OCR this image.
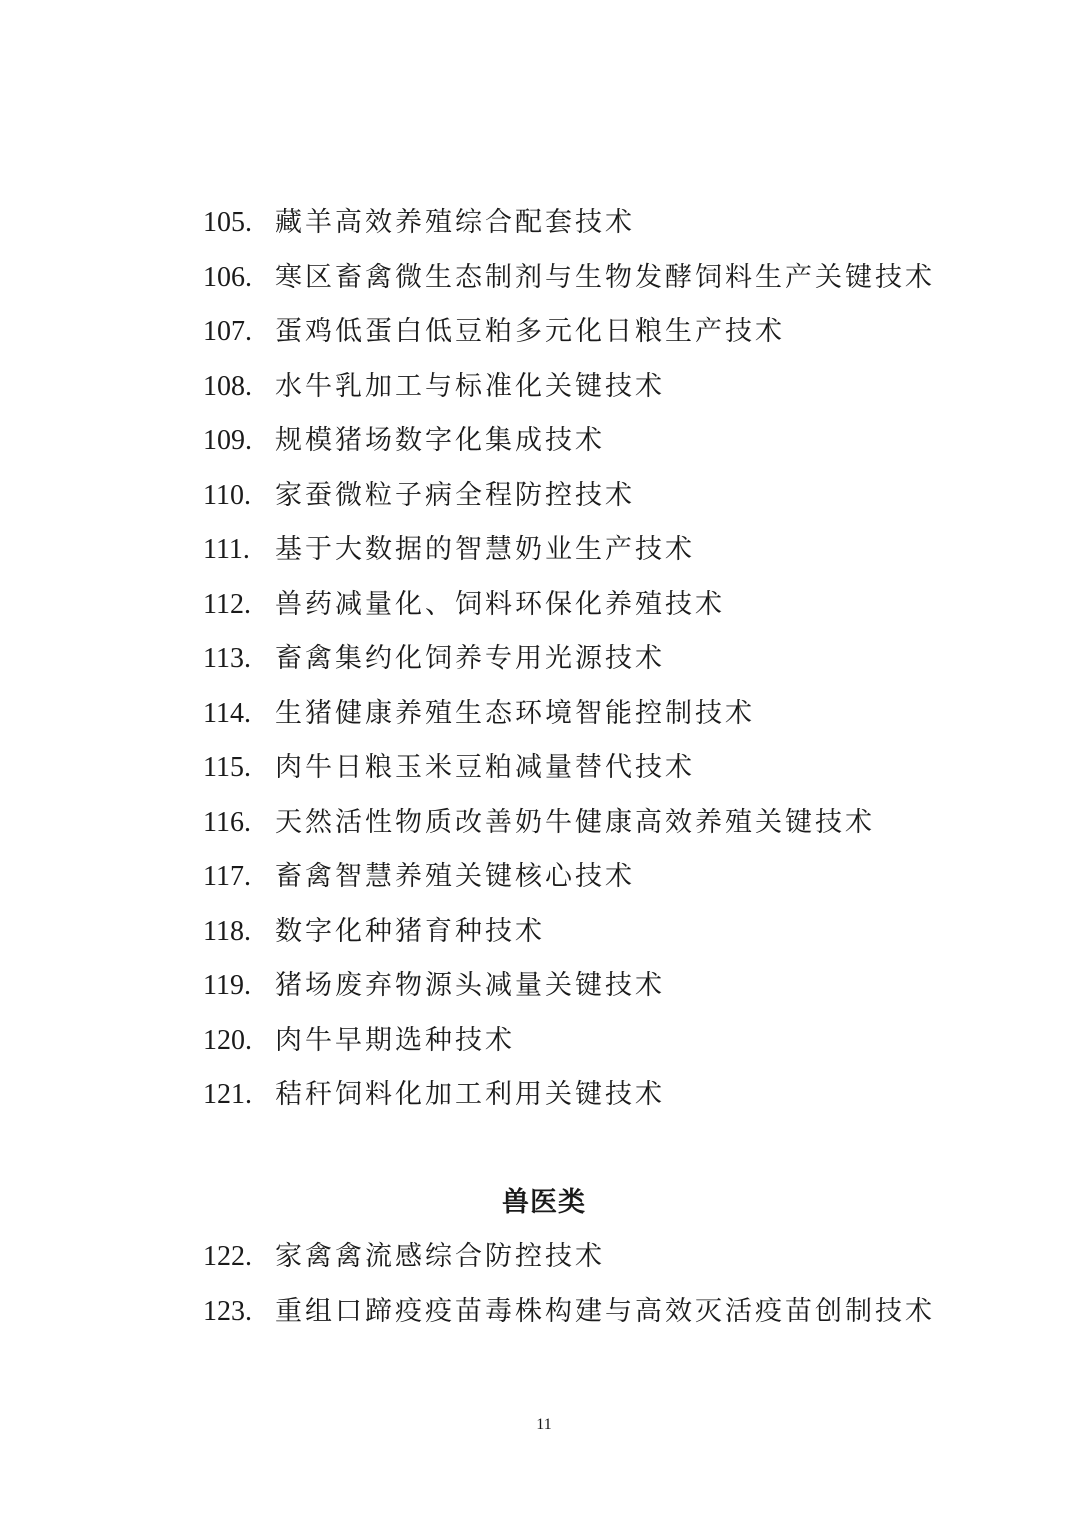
105. 藏羊高效养殖综合配套技术
106. 寒区畜禽微生态制剂与生物发酵饲料生产关键技术
107. 蛋鸡低蛋白低豆粕多元化日粮生产技术
108. 水牛乳加工与标准化关键技术
109. 规模猪场数字化集成技术
110. 家蚕微粒子病全程防控技术
111. 基于大数据的智慧奶业生产技术
112. 兽药减量化、饲料环保化养殖技术
113. 畜禽集约化饲养专用光源技术
114. 生猪健康养殖生态环境智能控制技术
115. 肉牛日粮玉米豆粕减量替代技术
116. 天然活性物质改善奶牛健康高效养殖关键技术
117. 畜禽智慧养殖关键核心技术
118. 数字化种猪育种技术
119. 猪场废弃物源头减量关键技术
120. 肉牛早期选种技术
121. 秸秆饲料化加工利用关键技术
兽医类
122. 家禽禽流感综合防控技术
123. 重组口蹄疫疫苗毒株构建与高效灭活疫苗创制技术
11
